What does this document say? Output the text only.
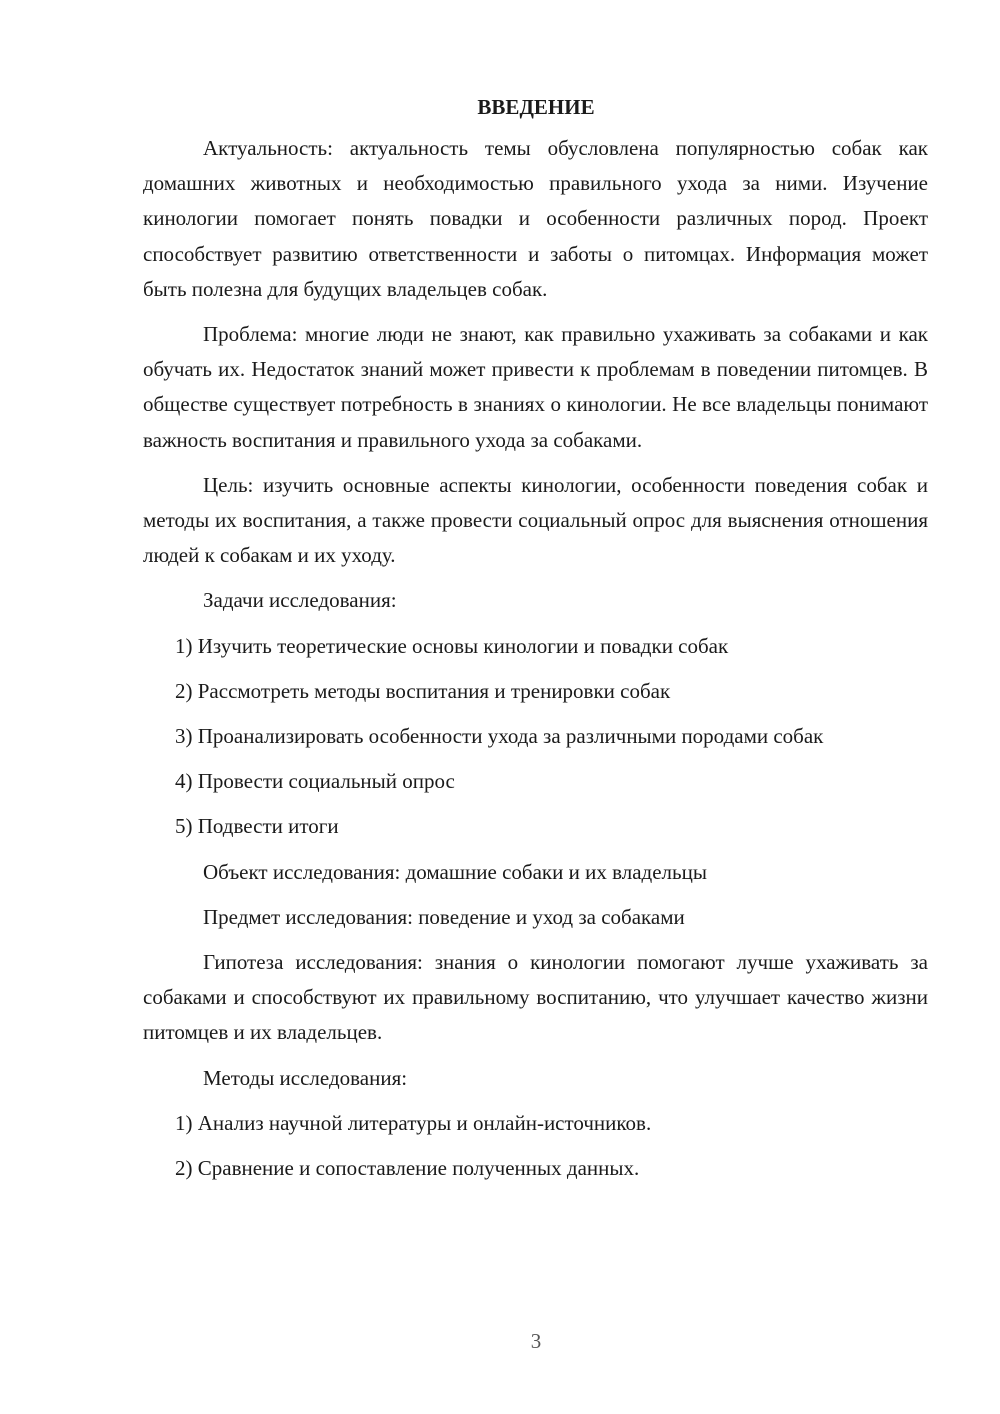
ВВЕДЕНИЕ
Актуальность: актуальность темы обусловлена популярностью собак как домашних животных и необходимостью правильного ухода за ними. Изучение кинологии помогает понять повадки и особенности различных пород. Проект способствует развитию ответственности и заботы о питомцах. Информация может быть полезна для будущих владельцев собак.
Проблема: многие люди не знают, как правильно ухаживать за собаками и как обучать их. Недостаток знаний может привести к проблемам в поведении питомцев. В обществе существует потребность в знаниях о кинологии. Не все владельцы понимают важность воспитания и правильного ухода за собаками.
Цель: изучить основные аспекты кинологии, особенности поведения собак и методы их воспитания, а также провести социальный опрос для выяснения отношения людей к собакам и их уходу.
Задачи исследования:
1) Изучить теоретические основы кинологии и повадки собак
2) Рассмотреть методы воспитания и тренировки собак
3) Проанализировать особенности ухода за различными породами собак
4) Провести социальный опрос
5) Подвести итоги
Объект исследования: домашние собаки и их владельцы
Предмет исследования: поведение и уход за собаками
Гипотеза исследования: знания о кинологии помогают лучше ухаживать за собаками и способствуют их правильному воспитанию, что улучшает качество жизни питомцев и их владельцев.
Методы исследования:
1) Анализ научной литературы и онлайн-источников.
2) Сравнение и сопоставление полученных данных.
3
